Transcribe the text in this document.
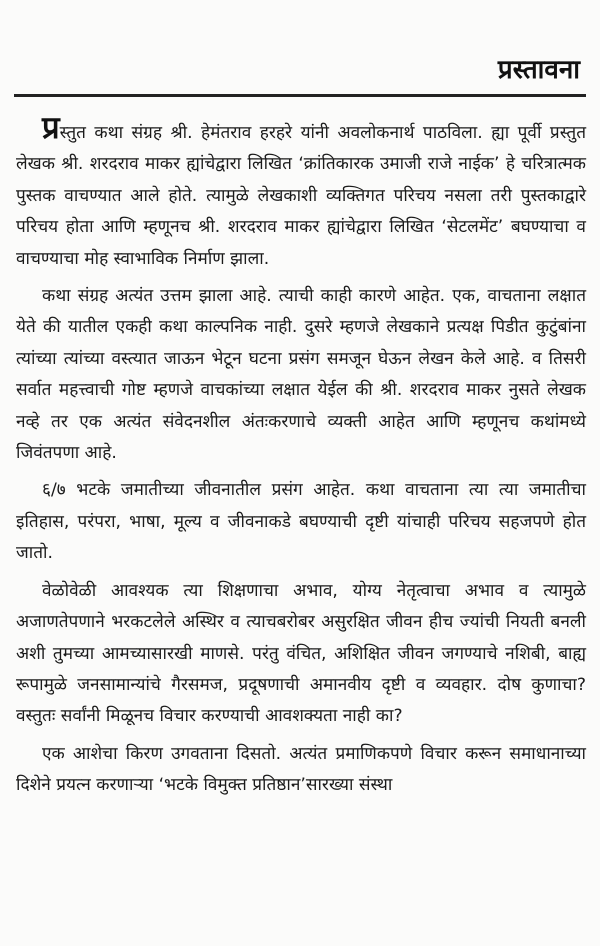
प्रस्तावना

प्रस्तुत कथा संग्रह श्री. हेमंतराव हरहरे यांनी अवलोकनार्थ पाठविला. ह्या पूर्वी प्रस्तुत लेखक श्री. शरदराव माकर ह्यांचेद्वारा लिखित ‘क्रांतिकारक उमाजी राजे नाईक’ हे चरित्रात्मक पुस्तक वाचण्यात आले होते. त्यामुळे लेखकाशी व्यक्तिगत परिचय नसला तरी पुस्तकाद्वारे परिचय होता आणि म्हणूनच श्री. शरदराव माकर ह्यांचेद्वारा लिखित ‘सेटलमेंट’ बघण्याचा व वाचण्याचा मोह स्वाभाविक निर्माण झाला.

कथा संग्रह अत्यंत उत्तम झाला आहे. त्याची काही कारणे आहेत. एक, वाचताना लक्षात येते की यातील एकही कथा काल्पनिक नाही. दुसरे म्हणजे लेखकाने प्रत्यक्ष पिडीत कुटुंबांना त्यांच्या त्यांच्या वस्त्यात जाऊन भेटून घटना प्रसंग समजून घेऊन लेखन केले आहे. व तिसरी सर्वात महत्त्वाची गोष्ट म्हणजे वाचकांच्या लक्षात येईल की श्री. शरदराव माकर नुसते लेखक नव्हे तर एक अत्यंत संवेदनशील अंतःकरणाचे व्यक्ती आहेत आणि म्हणूनच कथांमध्ये जिवंतपणा आहे.

६/७ भटके जमातीच्या जीवनातील प्रसंग आहेत. कथा वाचताना त्या त्या जमातीचा इतिहास, परंपरा, भाषा, मूल्य व जीवनाकडे बघण्याची दृष्टी यांचाही परिचय सहजपणे होत जातो.

वेळोवेळी आवश्यक त्या शिक्षणाचा अभाव, योग्य नेतृत्वाचा अभाव व त्यामुळे अजाणतेपणाने भरकटलेले अस्थिर व त्याचबरोबर असुरक्षित जीवन हीच ज्यांची नियती बनली अशी तुमच्या आमच्यासारखी माणसे. परंतु वंचित, अशिक्षित जीवन जगण्याचे नशिबी, बाह्य रूपामुळे जनसामान्यांचे गैरसमज, प्रदूषणाची अमानवीय दृष्टी व व्यवहार. दोष कुणाचा? वस्तुतः सर्वांनी मिळूनच विचार करण्याची आवशक्यता नाही का?

एक आशेचा किरण उगवताना दिसतो. अत्यंत प्रमाणिकपणे विचार करून समाधानाच्या दिशेने प्रयत्न करणाऱ्या ‘भटके विमुक्त प्रतिष्ठान’सारख्या संस्था
